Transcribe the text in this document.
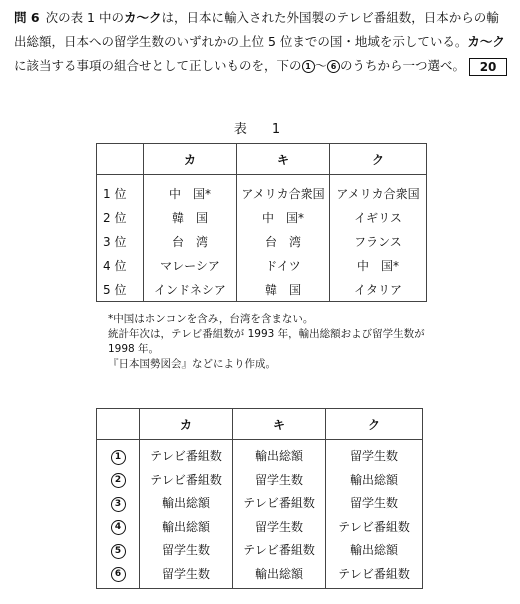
問 6 次の表 1 中のカ～クは，日本に輸入された外国製のテレビ番組数，日本からの輸出総額，日本への留学生数のいずれかの上位 5 位までの国・地域を示している。カ～クに該当する事項の組合せとして正しいものを，下の 1 ～ 6 のうちから一つ選べ。 20
表　1
	カ	キ	ク
1 位	中　国*	アメリカ合衆国	アメリカ合衆国
2 位	韓　国	中　国*	イギリス
3 位	台　湾	台　湾	フランス
4 位	マレーシア	ドイツ	中　国*
5 位	インドネシア	韓　国	イタリア
*中国はホンコンを含み，台湾を含まない。
統計年次は，テレビ番組数が 1993 年，輸出総額および留学生数が
1998 年。
『日本国勢図会』などにより作成。
	カ	キ	ク
1	テレビ番組数	輸出総額	留学生数
2	テレビ番組数	留学生数	輸出総額
3	輸出総額	テレビ番組数	留学生数
4	輸出総額	留学生数	テレビ番組数
5	留学生数	テレビ番組数	輸出総額
6	留学生数	輸出総額	テレビ番組数
